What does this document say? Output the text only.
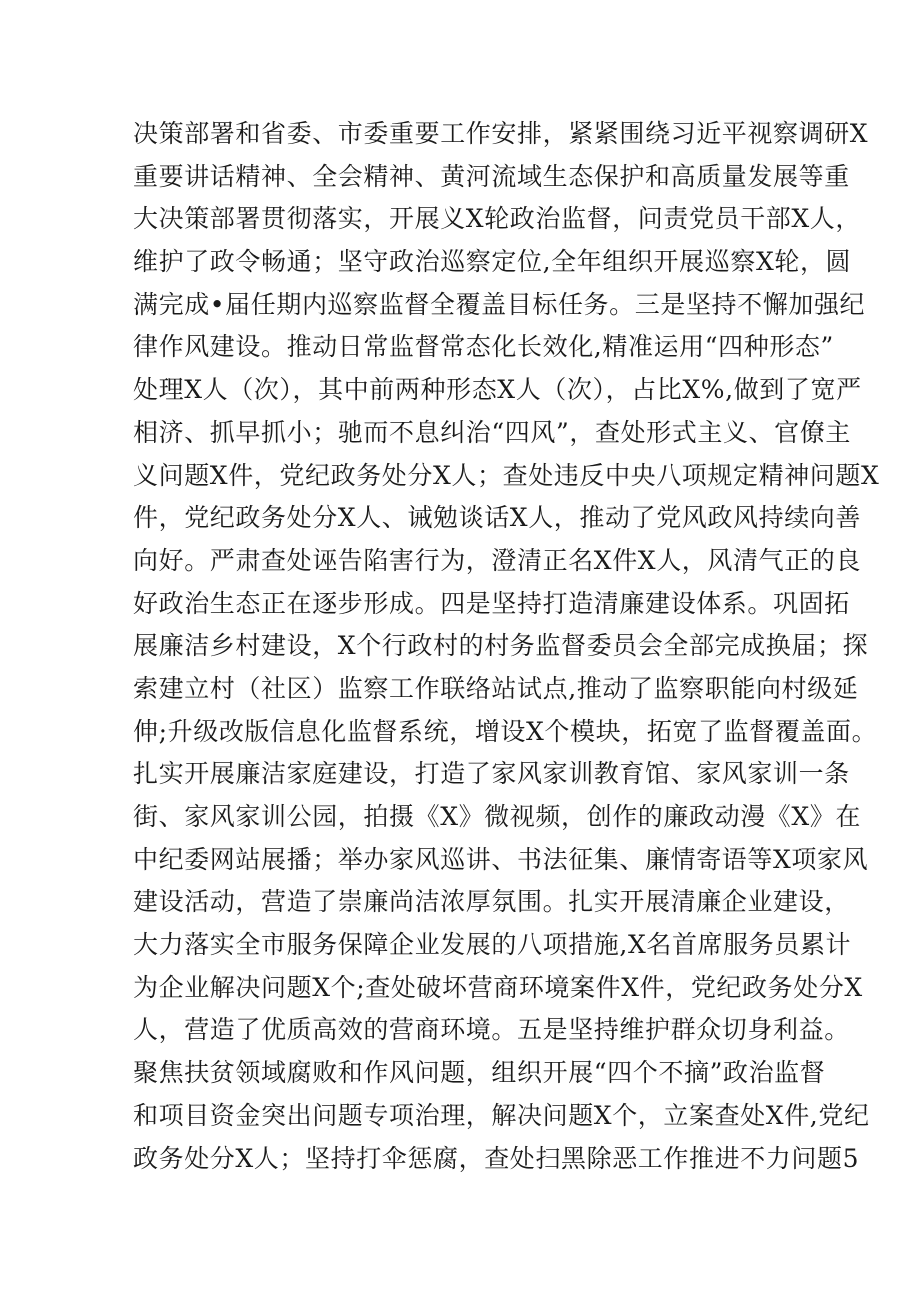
决策部署和省委、市委重要工作安排，紧紧围绕习近平视察调研X
重要讲话精神、全会精神、黄河流域生态保护和高质量发展等重
大决策部署贯彻落实，开展义X轮政治监督，问责党员干部X人，
维护了政令畅通；坚守政治巡察定位,全年组织开展巡察X轮，圆
满完成•届任期内巡察监督全覆盖目标任务。三是坚持不懈加强纪
律作风建设。推动日常监督常态化长效化,精准运用“四种形态”
处理X人（次），其中前两种形态X人（次），占比X%,做到了宽严
相济、抓早抓小；驰而不息纠治“四风”，查处形式主义、官僚主
义问题X件，党纪政务处分X人；查处违反中央八项规定精神问题X
件，党纪政务处分X人、诫勉谈话X人，推动了党风政风持续向善
向好。严肃查处诬告陷害行为，澄清正名X件X人，风清气正的良
好政治生态正在逐步形成。四是坚持打造清廉建设体系。巩固拓
展廉洁乡村建设，X个行政村的村务监督委员会全部完成换届；探
索建立村（社区）监察工作联络站试点,推动了监察职能向村级延
伸;升级改版信息化监督系统，增设X个模块，拓宽了监督覆盖面。
扎实开展廉洁家庭建设，打造了家风家训教育馆、家风家训一条
街、家风家训公园，拍摄《X》微视频，创作的廉政动漫《X》在
中纪委网站展播；举办家风巡讲、书法征集、廉情寄语等X项家风
建设活动，营造了崇廉尚洁浓厚氛围。扎实开展清廉企业建设，
大力落实全市服务保障企业发展的八项措施,X名首席服务员累计
为企业解决问题X个;查处破坏营商环境案件X件，党纪政务处分X
人，营造了优质高效的营商环境。五是坚持维护群众切身利益。
聚焦扶贫领域腐败和作风问题，组织开展“四个不摘”政治监督
和项目资金突出问题专项治理，解决问题X个，立案查处X件,党纪
政务处分X人；坚持打伞惩腐，查处扫黑除恶工作推进不力问题5
